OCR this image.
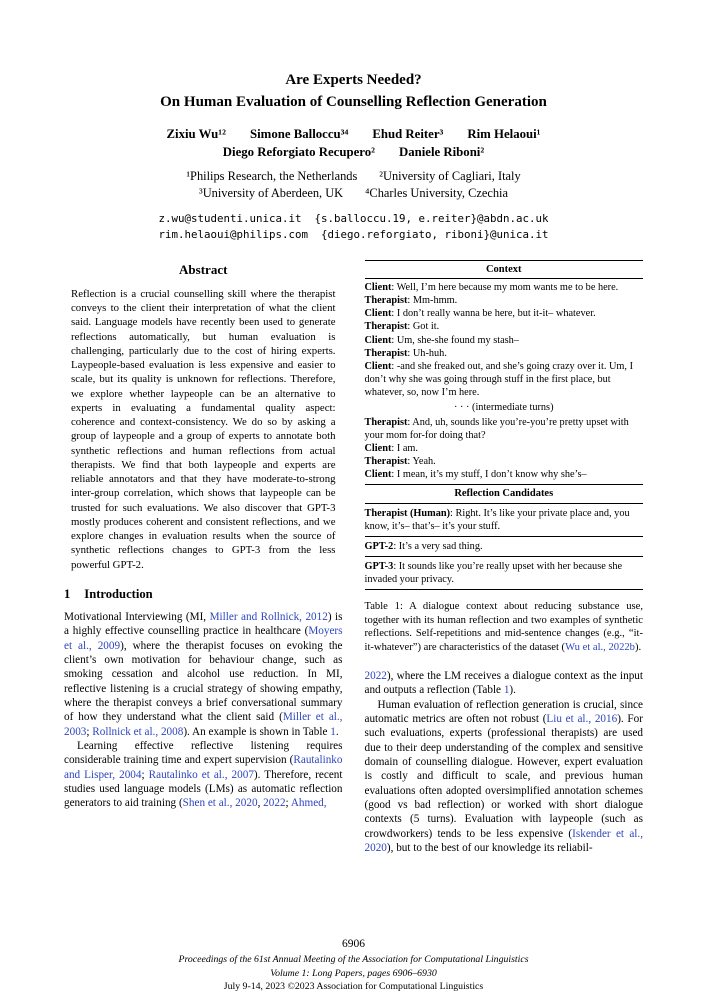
Are Experts Needed?
On Human Evaluation of Counselling Reflection Generation
Zixiu Wu¹² Simone Balloccu³⁴ Ehud Reiter³ Rim Helaoui¹
Diego Reforgiato Recupero² Daniele Riboni²
¹Philips Research, the Netherlands ²University of Cagliari, Italy
³University of Aberdeen, UK ⁴Charles University, Czechia
z.wu@studenti.unica.it  {s.balloccu.19, e.reiter}@abdn.ac.uk
rim.helaoui@philips.com  {diego.reforgiato, riboni}@unica.it
Abstract

Reflection is a crucial counselling skill where the therapist conveys to the client their interpretation of what the client said. Language models have recently been used to generate reflections automatically, but human evaluation is challenging, particularly due to the cost of hiring experts. Laypeople-based evaluation is less expensive and easier to scale, but its quality is unknown for reflections. Therefore, we explore whether laypeople can be an alternative to experts in evaluating a fundamental quality aspect: coherence and context-consistency. We do so by asking a group of laypeople and a group of experts to annotate both synthetic reflections and human reflections from actual therapists. We find that both laypeople and experts are reliable annotators and that they have moderate-to-strong inter-group correlation, which shows that laypeople can be trusted for such evaluations. We also discover that GPT-3 mostly produces coherent and consistent reflections, and we explore changes in evaluation results when the source of synthetic reflections changes to GPT-3 from the less powerful GPT-2.

1 Introduction

Motivational Interviewing (MI, Miller and Rollnick, 2012) is a highly effective counselling practice in healthcare (Moyers et al., 2009), where the therapist focuses on evoking the client’s own motivation for behaviour change, such as smoking cessation and alcohol use reduction. In MI, reflective listening is a crucial strategy of showing empathy, where the therapist conveys a brief conversational summary of how they understand what the client said (Miller et al., 2003; Rollnick et al., 2008). An example is shown in Table 1.

Learning effective reflective listening requires considerable training time and expert supervision (Rautalinko and Lisper, 2004; Rautalinko et al., 2007). Therefore, recent studies used language models (LMs) as automatic reflection generators to aid training (Shen et al., 2020, 2022; Ahmed,

Context
Client: Well, I’m here because my mom wants me to be here.
Therapist: Mm-hmm.
Client: I don’t really wanna be here, but it-it– whatever.
Therapist: Got it.
Client: Um, she-she found my stash–
Therapist: Uh-huh.
Client: -and she freaked out, and she’s going crazy over it. Um, I don’t why she was going through stuff in the first place, but whatever, so, now I’m here.
· · · (intermediate turns)
Therapist: And, uh, sounds like you’re-you’re pretty upset with your mom for-for doing that?
Client: I am.
Therapist: Yeah.
Client: I mean, it’s my stuff, I don’t know why she’s–
Reflection Candidates
Therapist (Human): Right. It’s like your private place and, you know, it’s– that’s– it’s your stuff.
GPT-2: It’s a very sad thing.
GPT-3: It sounds like you’re really upset with her because she invaded your privacy.

Table 1: A dialogue context about reducing substance use, together with its human reflection and two examples of synthetic reflections. Self-repetitions and mid-sentence changes (e.g., “it-it-whatever”) are characteristics of the dataset (Wu et al., 2022b).

2022), where the LM receives a dialogue context as the input and outputs a reflection (Table 1).

Human evaluation of reflection generation is crucial, since automatic metrics are often not robust (Liu et al., 2016). For such evaluations, experts (professional therapists) are used due to their deep understanding of the complex and sensitive domain of counselling dialogue. However, expert evaluation is costly and difficult to scale, and previous human evaluations often adopted oversimplified annotation schemes (good vs bad reflection) or worked with short dialogue contexts (5 turns). Evaluation with laypeople (such as crowdworkers) tends to be less expensive (Iskender et al., 2020), but to the best of our knowledge its reliabil-

6906
Proceedings of the 61st Annual Meeting of the Association for Computational Linguistics
Volume 1: Long Papers, pages 6906–6930
July 9-14, 2023 ©2023 Association for Computational Linguistics
